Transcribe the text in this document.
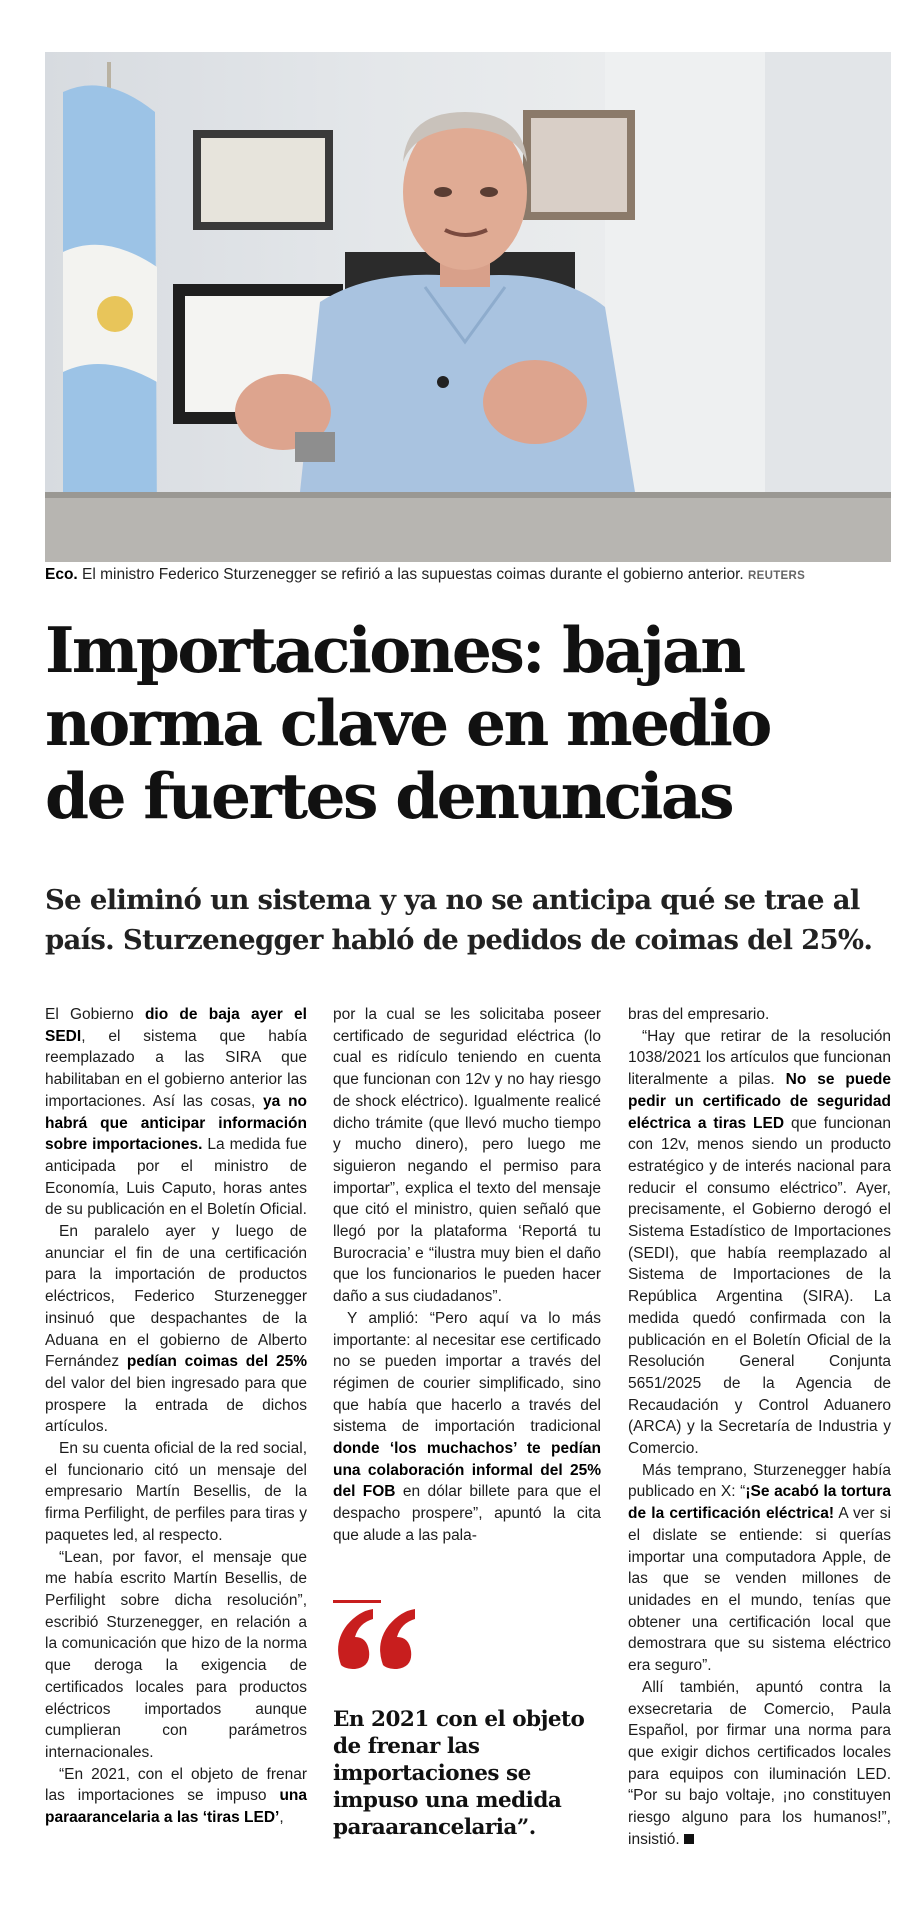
Eco. El ministro Federico Sturzenegger se refirió a las supuestas coimas durante el gobierno anterior. REUTERS
Importaciones: bajan
norma clave en medio
de fuertes denuncias
Se eliminó un sistema y ya no se anticipa qué se trae al
país. Sturzenegger habló de pedidos de coimas del 25%.

El Gobierno dio de baja ayer el SEDI, el sistema que había reemplazado a las SIRA que habilitaban en el gobierno anterior las importaciones. Así las cosas, ya no habrá que anticipar información sobre importaciones. La medida fue anticipada por el ministro de Economía, Luis Caputo, horas antes de su publicación en el Boletín Oficial.

En paralelo ayer y luego de anunciar el fin de una certificación para la importación de productos eléctricos, Federico Sturzenegger insinuó que despachantes de la Aduana en el gobierno de Alberto Fernández pedían coimas del 25% del valor del bien ingresado para que prospere la entrada de dichos artículos.

En su cuenta oficial de la red social, el funcionario citó un mensaje del empresario Martín Besellis, de la firma Perfilight, de perfiles para tiras y paquetes led, al respecto.

“Lean, por favor, el mensaje que me había escrito Martín Besellis, de Perfilight sobre dicha resolución”, escribió Sturzenegger, en relación a la comunicación que hizo de la norma que deroga la exigencia de certificados locales para productos eléctricos importados aunque cumplieran con parámetros internacionales.

“En 2021, con el objeto de frenar las importaciones se impuso una paraarancelaria a las ‘tiras LED’,

por la cual se les solicitaba poseer certificado de seguridad eléctrica (lo cual es ridículo teniendo en cuenta que funcionan con 12v y no hay riesgo de shock eléctrico). Igualmente realicé dicho trámite (que llevó mucho tiempo y mucho dinero), pero luego me siguieron negando el permiso para importar”, explica el texto del mensaje que citó el ministro, quien señaló que llegó por la plataforma ‘Reportá tu Burocracia’ e “ilustra muy bien el daño que los funcionarios le pueden hacer daño a sus ciudadanos”.

Y amplió: “Pero aquí va lo más importante: al necesitar ese certificado no se pueden importar a través del régimen de courier simplificado, sino que había que hacerlo a través del sistema de importación tradicional donde ‘los muchachos’ te pedían una colaboración informal del 25% del FOB en dólar billete para que el despacho prospere”, apuntó la cita que alude a las pala-

En 2021 con el objeto
de frenar las
importaciones se
impuso una medida
paraarancelaria”.

bras del empresario.

“Hay que retirar de la resolución 1038/2021 los artículos que funcionan literalmente a pilas. No se puede pedir un certificado de seguridad eléctrica a tiras LED que funcionan con 12v, menos siendo un producto estratégico y de interés nacional para reducir el consumo eléctrico”. Ayer, precisamente, el Gobierno derogó el Sistema Estadístico de Importaciones (SEDI), que había reemplazado al Sistema de Importaciones de la República Argentina (SIRA). La medida quedó confirmada con la publicación en el Boletín Oficial de la Resolución General Conjunta 5651/2025 de la Agencia de Recaudación y Control Aduanero (ARCA) y la Secretaría de Industria y Comercio.

Más temprano, Sturzenegger había publicado en X: “¡Se acabó la tortura de la certificación eléctrica! A ver si el dislate se entiende: si querías importar una computadora Apple, de las que se venden millones de unidades en el mundo, tenías que obtener una certificación local que demostrara que su sistema eléctrico era seguro”.

Allí también, apuntó contra la exsecretaria de Comercio, Paula Español, por firmar una norma para que exigir dichos certificados locales para equipos con iluminación LED. “Por su bajo voltaje, ¡no constituyen riesgo alguno para los humanos!”, insistió.
